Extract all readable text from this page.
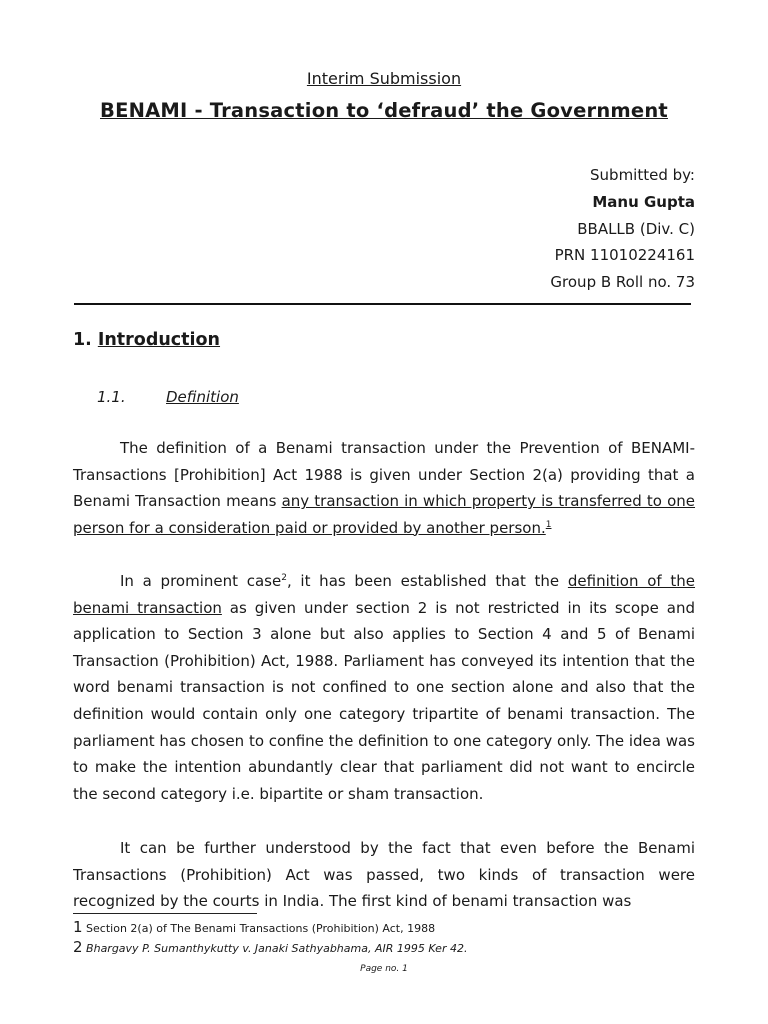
Interim Submission
BENAMI - Transaction to ‘defraud’ the Government
Submitted by:
Manu Gupta
BBALLB (Div. C)
PRN 11010224161
Group B Roll no. 73
1. Introduction
1.1.	Definition

The definition of a Benami transaction under the Prevention of BENAMI-Transactions [Prohibition] Act 1988 is given under Section 2(a) providing that a Benami Transaction means any transaction in which property is transferred to one person for a consideration paid or provided by another person.$^1$

In a prominent case$^2$, it has been established that the definition of the benami transaction as given under section 2 is not restricted in its scope and application to Section 3 alone but also applies to Section 4 and 5 of Benami Transaction (Prohibition) Act, 1988. Parliament has conveyed its intention that the word benami transaction is not confined to one section alone and also that the definition would contain only one category tripartite of benami transaction. The parliament has chosen to confine the definition to one category only. The idea was to make the intention abundantly clear that parliament did not want to encircle the second category i.e. bipartite or sham transaction.

It can be further understood by the fact that even before the Benami Transactions (Prohibition) Act was passed, two kinds of transaction were recognized by the courts in India. The first kind of benami transaction was

1 Section 2(a) of The Benami Transactions (Prohibition) Act, 1988
2 Bhargavy P. Sumanthykutty v. Janaki Sathyabhama, AIR 1995 Ker 42.
Page no. 1
